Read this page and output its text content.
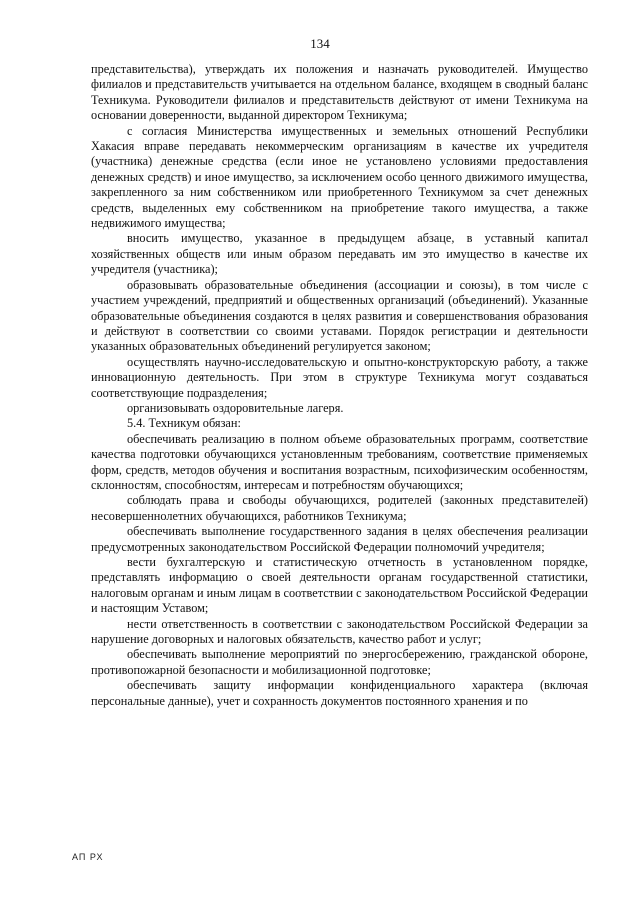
134

представительства), утверждать их положения и назначать руководителей. Имущество филиалов и представительств учитывается на отдельном балансе, входящем в сводный баланс Техникума. Руководители филиалов и представительств действуют от имени Техникума на основании доверенности, выданной директором Техникума;

с согласия Министерства имущественных и земельных отношений Республики Хакасия вправе передавать некоммерческим организациям в качестве их учредителя (участника) денежные средства (если иное не установлено условиями предоставления денежных средств) и иное имущество, за исключением особо ценного движимого имущества, закрепленного за ним собственником или приобретенного Техникумом за счет денежных средств, выделенных ему собственником на приобретение такого имущества, а также недвижимого имущества;

вносить имущество, указанное в предыдущем абзаце, в уставный капитал хозяйственных обществ или иным образом передавать им это имущество в качестве их учредителя (участника);

образовывать образовательные объединения (ассоциации и союзы), в том числе с участием учреждений, предприятий и общественных организаций (объединений). Указанные образовательные объединения создаются в целях развития и совершенствования образования и действуют в соответствии со своими уставами. Порядок регистрации и деятельности указанных образовательных объединений регулируется законом;

осуществлять научно-исследовательскую и опытно-конструкторскую работу, а также инновационную деятельность. При этом в структуре Техникума могут создаваться соответствующие подразделения;

организовывать оздоровительные лагеря.

5.4. Техникум обязан:

обеспечивать реализацию в полном объеме образовательных программ, соответствие качества подготовки обучающихся установленным требованиям, соответствие применяемых форм, средств, методов обучения и воспитания возрастным, психофизическим особенностям, склонностям, способностям, интересам и потребностям обучающихся;

соблюдать права и свободы обучающихся, родителей (законных представителей) несовершеннолетних обучающихся, работников Техникума;

обеспечивать выполнение государственного задания в целях обеспечения реализации предусмотренных законодательством Российской Федерации полномочий учредителя;

вести бухгалтерскую и статистическую отчетность в установленном порядке, представлять информацию о своей деятельности органам государственной статистики, налоговым органам и иным лицам в соответствии с законодательством Российской Федерации и настоящим Уставом;

нести ответственность в соответствии с законодательством Российской Федерации за нарушение договорных и налоговых обязательств, качество работ и услуг;

обеспечивать выполнение мероприятий по энергосбережению, гражданской обороне, противопожарной безопасности и мобилизационной подготовке;

обеспечивать защиту информации конфиденциального характера (включая персональные данные), учет и сохранность документов постоянного хранения и по

АП РХ
